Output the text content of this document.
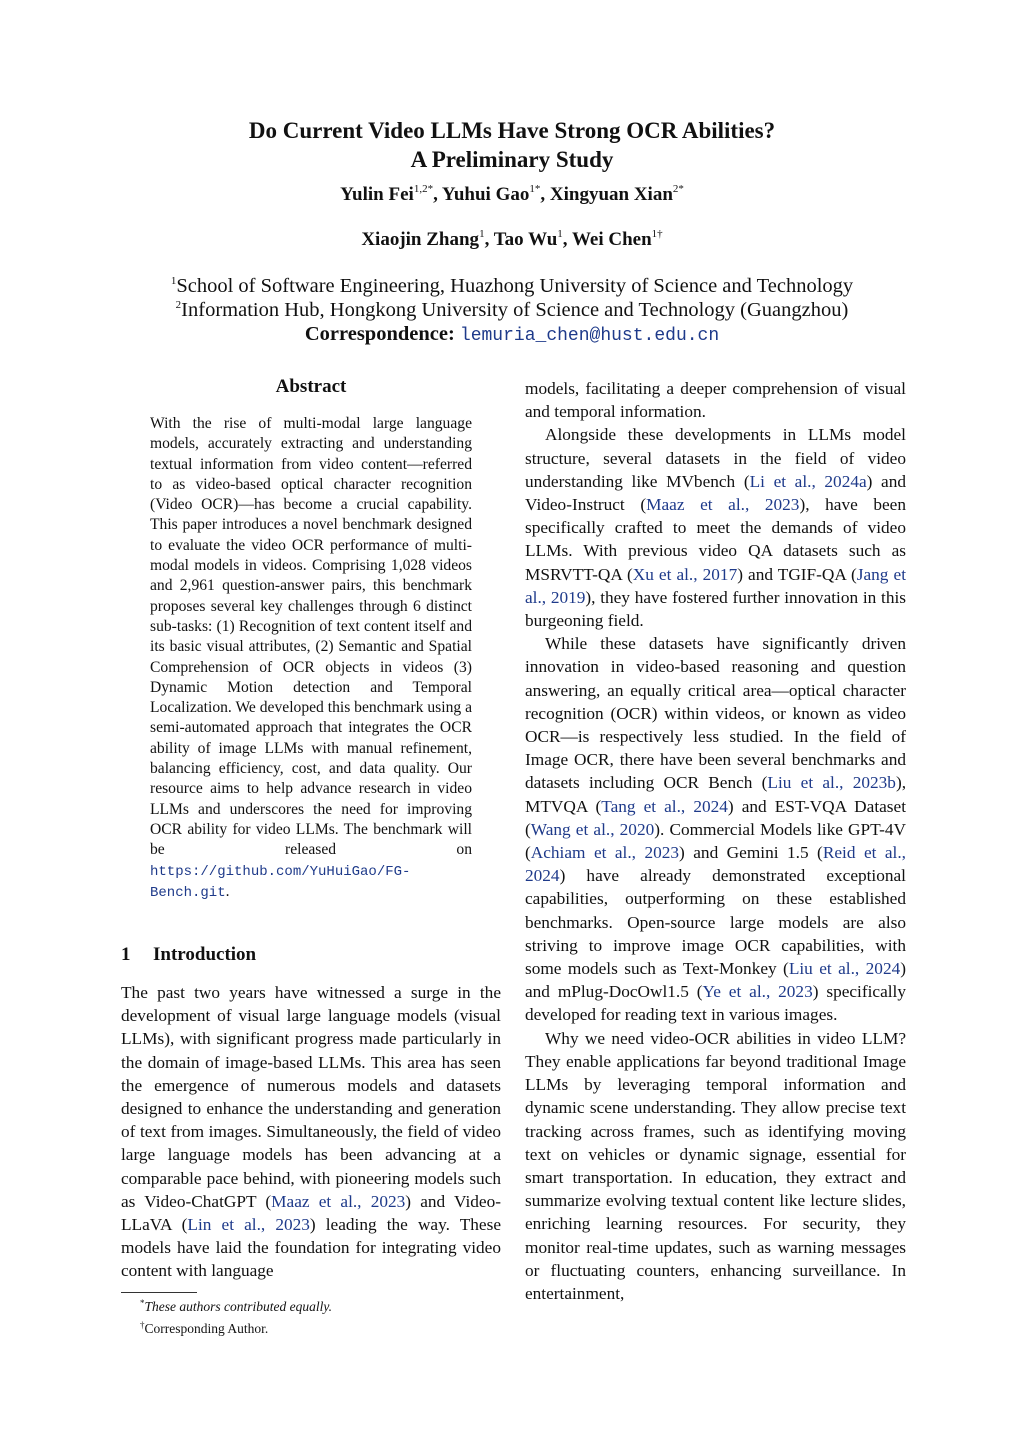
Do Current Video LLMs Have Strong OCR Abilities?
A Preliminary Study
Yulin Fei$^{1,2*}$, Yuhui Gao$^{1*}$, Xingyuan Xian$^{2*}$
Xiaojin Zhang$^1$, Tao Wu$^1$, Wei Chen$^{1\dagger}$
$^1$School of Software Engineering, Huazhong University of Science and Technology
$^2$Information Hub, Hongkong University of Science and Technology (Guangzhou)
Correspondence: lemuria_chen@hust.edu.cn
Abstract
With the rise of multi-modal large language models, accurately extracting and understanding textual information from video content—referred to as video-based optical character recognition (Video OCR)—has become a crucial capability. This paper introduces a novel benchmark designed to evaluate the video OCR performance of multi-modal models in videos. Comprising 1,028 videos and 2,961 question-answer pairs, this benchmark proposes several key challenges through 6 distinct sub-tasks: (1) Recognition of text content itself and its basic visual attributes, (2) Semantic and Spatial Comprehension of OCR objects in videos (3) Dynamic Motion detection and Temporal Localization. We developed this benchmark using a semi-automated approach that integrates the OCR ability of image LLMs with manual refinement, balancing efficiency, cost, and data quality. Our resource aims to help advance research in video LLMs and underscores the need for improving OCR ability for video LLMs. The benchmark will be released on https://github.com/YuHuiGao/FG-Bench.git.
1 Introduction

The past two years have witnessed a surge in the development of visual large language models (visual LLMs), with significant progress made particularly in the domain of image-based LLMs. This area has seen the emergence of numerous models and datasets designed to enhance the understanding and generation of text from images. Simultaneously, the field of video large language models has been advancing at a comparable pace behind, with pioneering models such as Video-ChatGPT (Maaz et al., 2023) and Video-LLaVA (Lin et al., 2023) leading the way. These models have laid the foundation for integrating video content with language

*These authors contributed equally.
†Corresponding Author.

models, facilitating a deeper comprehension of visual and temporal information.

Alongside these developments in LLMs model structure, several datasets in the field of video understanding like MVbench (Li et al., 2024a) and Video-Instruct (Maaz et al., 2023), have been specifically crafted to meet the demands of video LLMs. With previous video QA datasets such as MSRVTT-QA (Xu et al., 2017) and TGIF-QA (Jang et al., 2019), they have fostered further innovation in this burgeoning field.

While these datasets have significantly driven innovation in video-based reasoning and question answering, an equally critical area—optical character recognition (OCR) within videos, or known as video OCR—is respectively less studied. In the field of Image OCR, there have been several benchmarks and datasets including OCR Bench (Liu et al., 2023b), MTVQA (Tang et al., 2024) and EST-VQA Dataset (Wang et al., 2020). Commercial Models like GPT-4V (Achiam et al., 2023) and Gemini 1.5 (Reid et al., 2024) have already demonstrated exceptional capabilities, outperforming on these established benchmarks. Open-source large models are also striving to improve image OCR capabilities, with some models such as Text-Monkey (Liu et al., 2024) and mPlug-DocOwl1.5 (Ye et al., 2023) specifically developed for reading text in various images.

Why we need video-OCR abilities in video LLM? They enable applications far beyond traditional Image LLMs by leveraging temporal information and dynamic scene understanding. They allow precise text tracking across frames, such as identifying moving text on vehicles or dynamic signage, essential for smart transportation. In education, they extract and summarize evolving textual content like lecture slides, enriching learning resources. For security, they monitor real-time updates, such as warning messages or fluctuating counters, enhancing surveillance. In entertainment,
